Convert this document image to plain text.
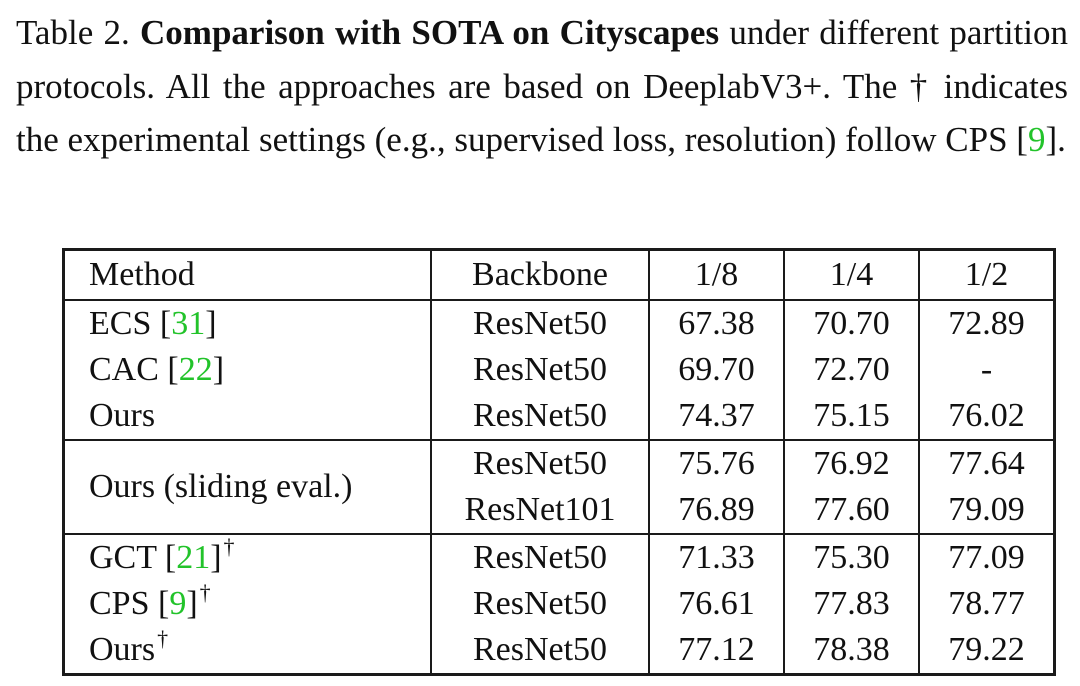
Table 2. Comparison with SOTA on Cityscapes under different partition protocols. All the approaches are based on DeeplabV3+. The † indicates the experimental settings (e.g., supervised loss, resolution) follow CPS [9].

Method	Backbone	1/8	1/4	1/2
ECS [31]	ResNet50	67.38	70.70	72.89
CAC [22]	ResNet50	69.70	72.70	-
Ours	ResNet50	74.37	75.15	76.02
Ours (sliding eval.)	ResNet50	75.76	76.92	77.64
	ResNet101	76.89	77.60	79.09
GCT [21]†	ResNet50	71.33	75.30	77.09
CPS [9]†	ResNet50	76.61	77.83	78.77
Ours†	ResNet50	77.12	78.38	79.22
